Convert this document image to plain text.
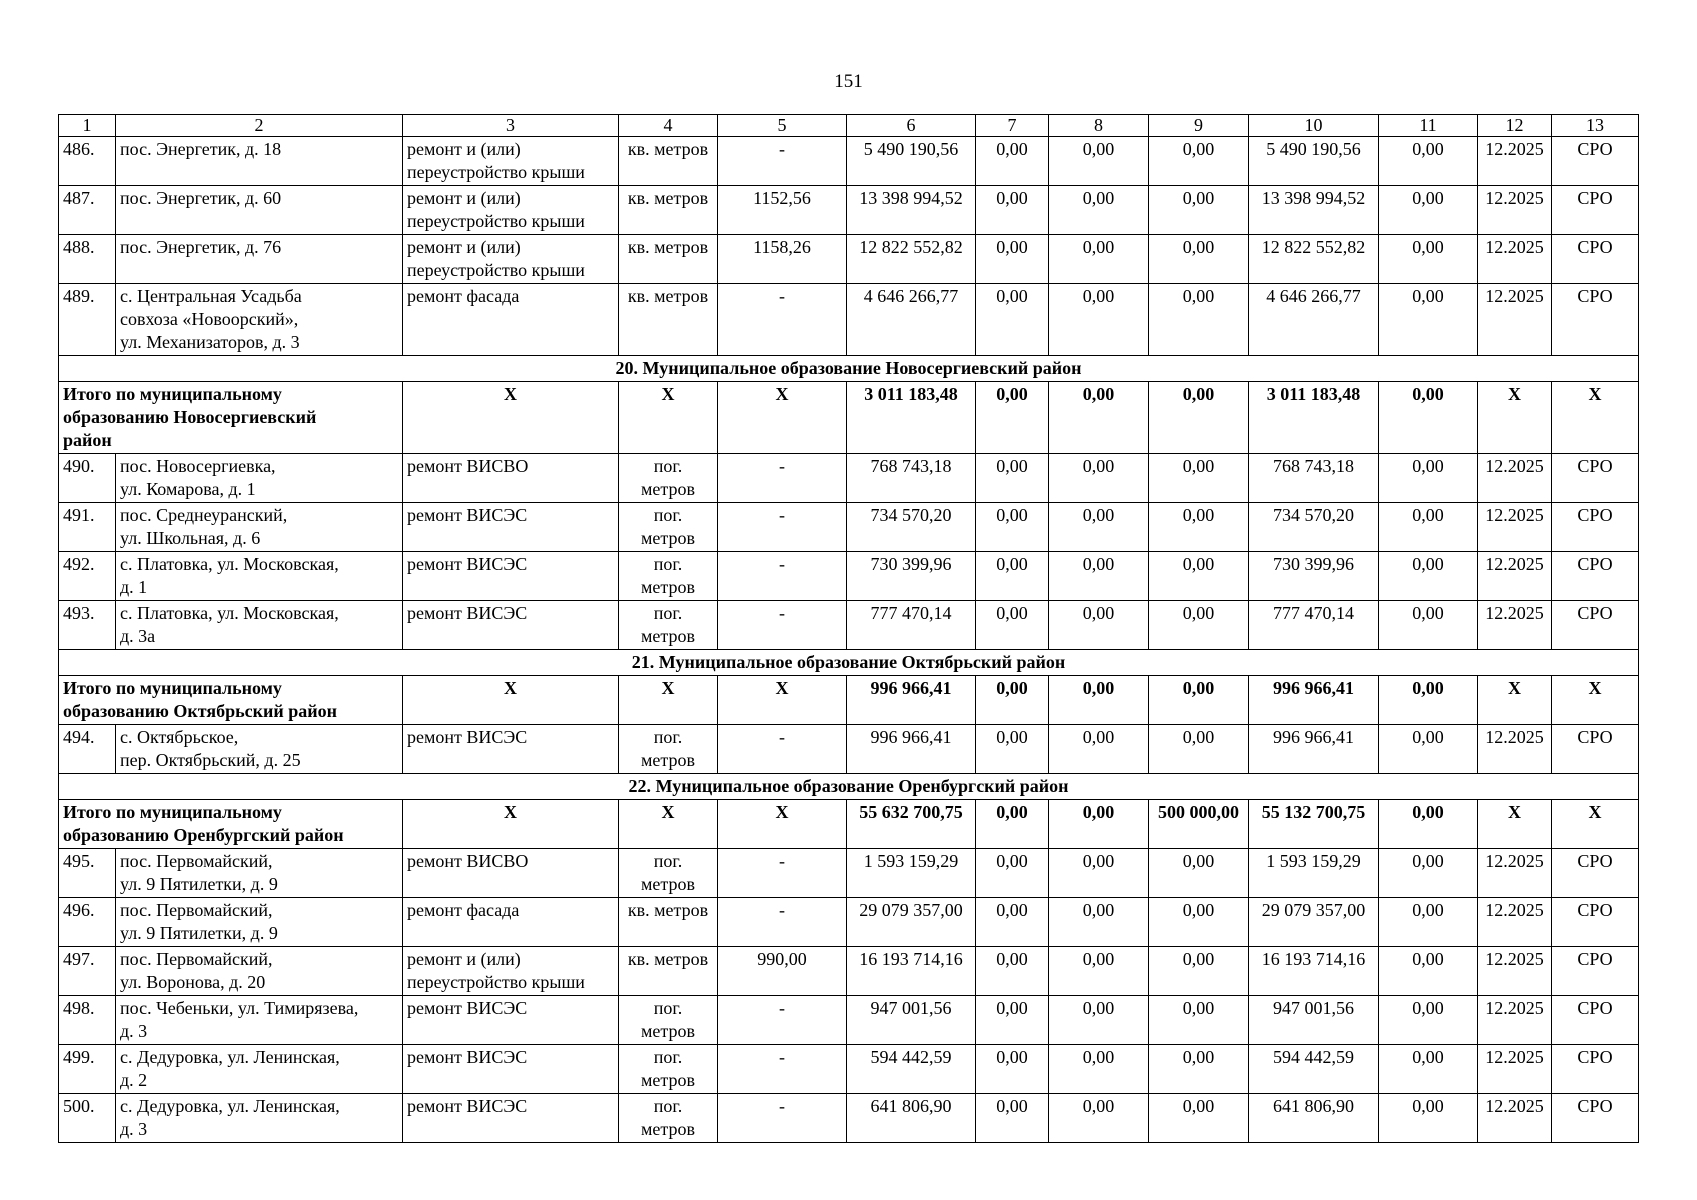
151
1	2	3	4	5	6	7	8	9	10	11	12	13
486.	пос. Энергетик, д. 18	ремонт и (или)
переустройство крыши	кв. метров	-	5 490 190,56	0,00	0,00	0,00	5 490 190,56	0,00	12.2025	СРО
487.	пос. Энергетик, д. 60	ремонт и (или)
переустройство крыши	кв. метров	1152,56	13 398 994,52	0,00	0,00	0,00	13 398 994,52	0,00	12.2025	СРО
488.	пос. Энергетик, д. 76	ремонт и (или)
переустройство крыши	кв. метров	1158,26	12 822 552,82	0,00	0,00	0,00	12 822 552,82	0,00	12.2025	СРО
489.	с. Центральная Усадьба
совхоза «Новоорский»,
ул. Механизаторов, д. 3	ремонт фасада	кв. метров	-	4 646 266,77	0,00	0,00	0,00	4 646 266,77	0,00	12.2025	СРО
20. Муниципальное образование Новосергиевский район												

Итого по муниципальному
образованию Новосергиевский
район		X	X	X	3 011 183,48	0,00	0,00	0,00	3 011 183,48	0,00	X	X
490.	пос. Новосергиевка,
ул. Комарова, д. 1	ремонт ВИСВО	пог.
метров	-	768 743,18	0,00	0,00	0,00	768 743,18	0,00	12.2025	СРО
491.	пос. Среднеуранский,
ул. Школьная, д. 6	ремонт ВИСЭС	пог.
метров	-	734 570,20	0,00	0,00	0,00	734 570,20	0,00	12.2025	СРО
492.	с. Платовка, ул. Московская,
д. 1	ремонт ВИСЭС	пог.
метров	-	730 399,96	0,00	0,00	0,00	730 399,96	0,00	12.2025	СРО
493.	с. Платовка, ул. Московская,
д. 3а	ремонт ВИСЭС	пог.
метров	-	777 470,14	0,00	0,00	0,00	777 470,14	0,00	12.2025	СРО
21. Муниципальное образование Октябрьский район												

Итого по муниципальному
образованию Октябрьский район		X	X	X	996 966,41	0,00	0,00	0,00	996 966,41	0,00	X	X
494.	с. Октябрьское,
пер. Октябрьский, д. 25	ремонт ВИСЭС	пог.
метров	-	996 966,41	0,00	0,00	0,00	996 966,41	0,00	12.2025	СРО
22. Муниципальное образование Оренбургский район												

Итого по муниципальному
образованию Оренбургский район		X	X	X	55 632 700,75	0,00	0,00	500 000,00	55 132 700,75	0,00	X	X
495.	пос. Первомайский,
ул. 9 Пятилетки, д. 9	ремонт ВИСВО	пог.
метров	-	1 593 159,29	0,00	0,00	0,00	1 593 159,29	0,00	12.2025	СРО
496.	пос. Первомайский,
ул. 9 Пятилетки, д. 9	ремонт фасада	кв. метров	-	29 079 357,00	0,00	0,00	0,00	29 079 357,00	0,00	12.2025	СРО
497.	пос. Первомайский,
ул. Воронова, д. 20	ремонт и (или)
переустройство крыши	кв. метров	990,00	16 193 714,16	0,00	0,00	0,00	16 193 714,16	0,00	12.2025	СРО
498.	пос. Чебеньки, ул. Тимирязева,
д. 3	ремонт ВИСЭС	пог.
метров	-	947 001,56	0,00	0,00	0,00	947 001,56	0,00	12.2025	СРО
499.	с. Дедуровка, ул. Ленинская,
д. 2	ремонт ВИСЭС	пог.
метров	-	594 442,59	0,00	0,00	0,00	594 442,59	0,00	12.2025	СРО
500.	с. Дедуровка, ул. Ленинская,
д. 3	ремонт ВИСЭС	пог.
метров	-	641 806,90	0,00	0,00	0,00	641 806,90	0,00	12.2025	СРО
